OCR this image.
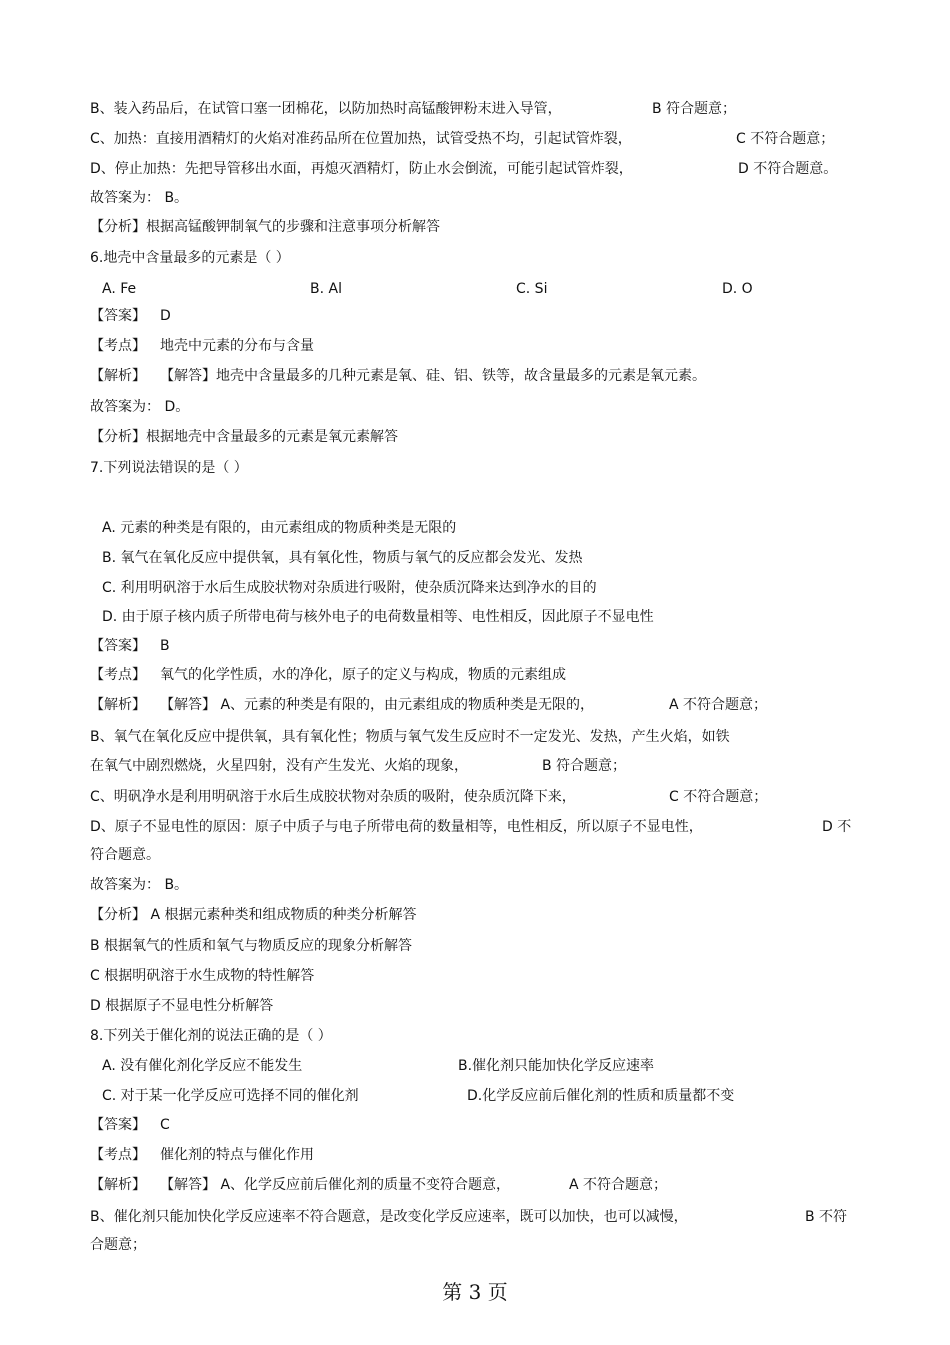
B、装入药品后，在试管口塞一团棉花，以防加热时高锰酸钾粉末进入导管，	B 符合题意；
C、加热：直接用酒精灯的火焰对准药品所在位置加热，试管受热不均，引起试管炸裂，	C 不符合题意；
D、停止加热：先把导管移出水面，再熄灭酒精灯，防止水会倒流，可能引起试管炸裂，	D 不符合题意。
故答案为： B。
【分析】根据高锰酸钾制氧气的步骤和注意事项分析解答
6.地壳中含量最多的元素是（ ）
A. Fe	B. Al	C. Si	D. O
【答案】 D
【考点】 地壳中元素的分布与含量
【解析】 【解答】地壳中含量最多的几种元素是氧、硅、铝、铁等，故含量最多的元素是氧元素。
故答案为： D。
【分析】根据地壳中含量最多的元素是氧元素解答
7.下列说法错误的是（ ）
A. 元素的种类是有限的，由元素组成的物质种类是无限的
B. 氧气在氧化反应中提供氧，具有氧化性，物质与氧气的反应都会发光、发热
C. 利用明矾溶于水后生成胶状物对杂质进行吸附，使杂质沉降来达到净水的目的
D. 由于原子核内质子所带电荷与核外电子的电荷数量相等、电性相反，因此原子不显电性
【答案】 B
【考点】 氧气的化学性质，水的净化，原子的定义与构成，物质的元素组成
【解析】 【解答】 A、元素的种类是有限的，由元素组成的物质种类是无限的，	A 不符合题意；
B、氧气在氧化反应中提供氧，具有氧化性；物质与氧气发生反应时不一定发光、发热，产生火焰，如铁
在氧气中剧烈燃烧，火星四射，没有产生发光、火焰的现象，	B 符合题意；
C、明矾净水是利用明矾溶于水后生成胶状物对杂质的吸附，使杂质沉降下来，	C 不符合题意；
D、原子不显电性的原因：原子中质子与电子所带电荷的数量相等，电性相反，所以原子不显电性，	D 不
符合题意。
故答案为： B。
【分析】 A 根据元素种类和组成物质的种类分析解答
B 根据氧气的性质和氧气与物质反应的现象分析解答
C 根据明矾溶于水生成物的特性解答
D 根据原子不显电性分析解答
8.下列关于催化剂的说法正确的是（ ）
A. 没有催化剂化学反应不能发生	B.催化剂只能加快化学反应速率
C. 对于某一化学反应可选择不同的催化剂	D.化学反应前后催化剂的性质和质量都不变
【答案】 C
【考点】 催化剂的特点与催化作用
【解析】 【解答】 A、化学反应前后催化剂的质量不变符合题意，	A 不符合题意；
B、催化剂只能加快化学反应速率不符合题意，是改变化学反应速率，既可以加快，也可以减慢，	B 不符
合题意；
第 3 页
